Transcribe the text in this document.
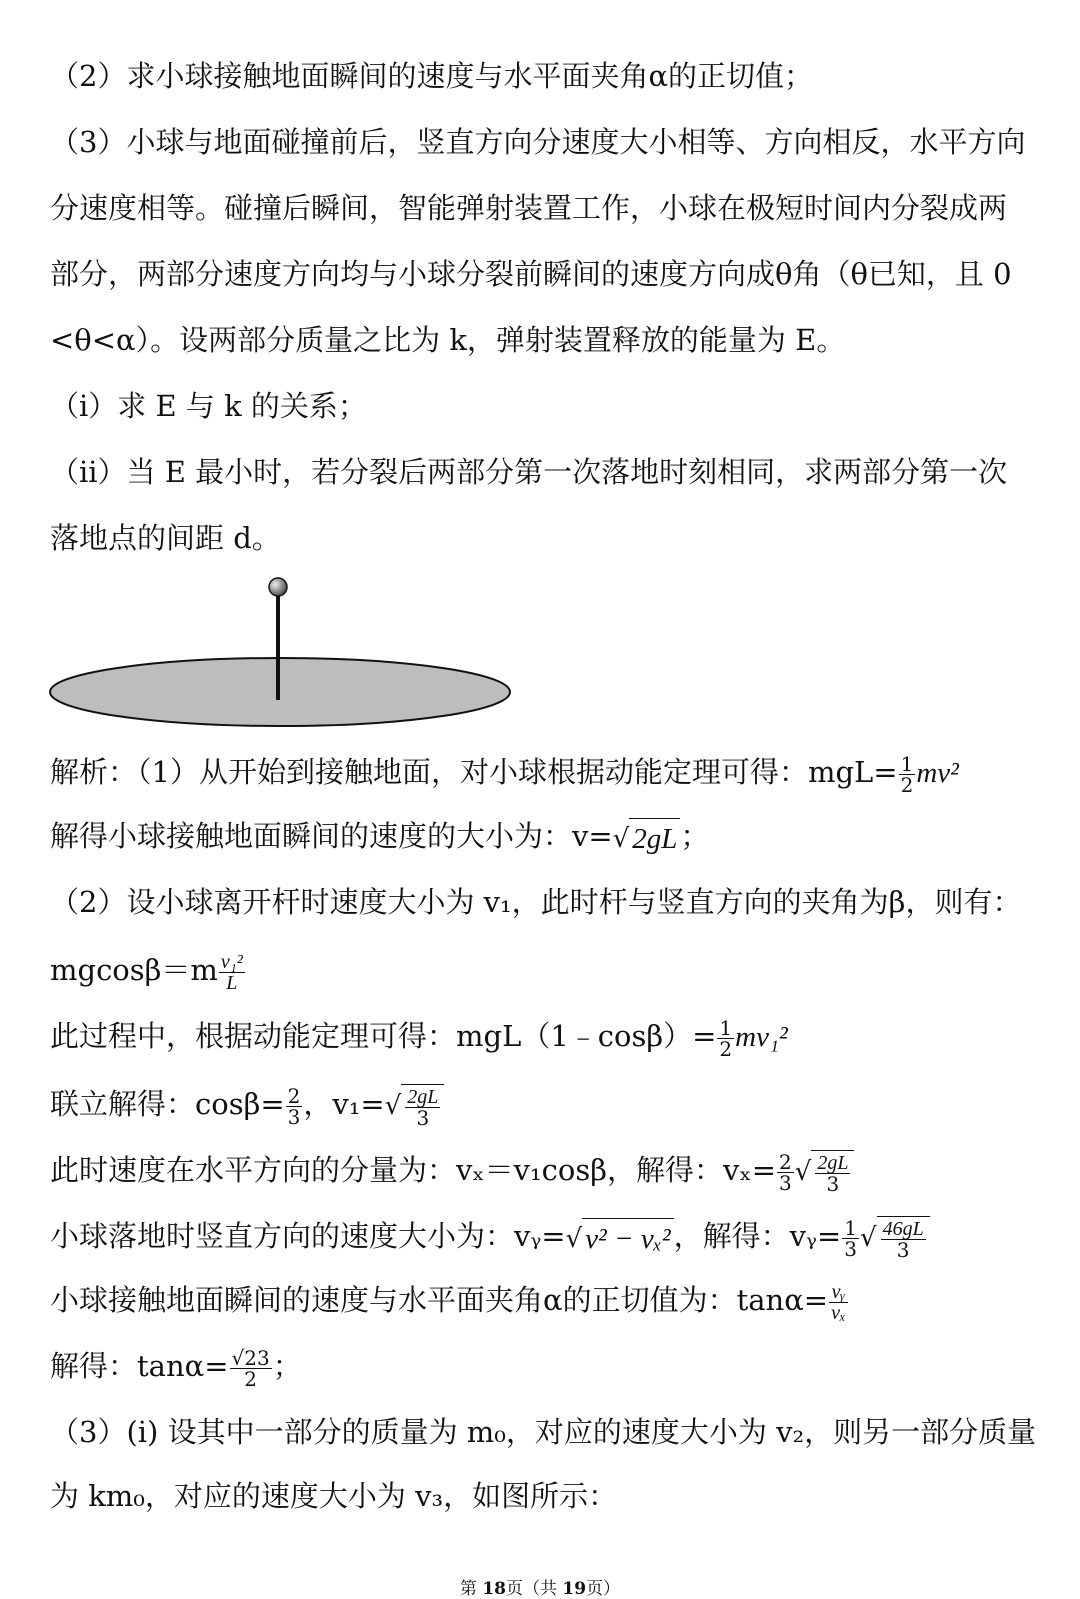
（2）求小球接触地面瞬间的速度与水平面夹角α的正切值；
（3）小球与地面碰撞前后，竖直方向分速度大小相等、方向相反，水平方向
分速度相等。碰撞后瞬间，智能弹射装置工作，小球在极短时间内分裂成两
部分，两部分速度方向均与小球分裂前瞬间的速度方向成θ角（θ已知，且 0
<θ<α）。设两部分质量之比为 k，弹射装置释放的能量为 E。
（ⅰ）求 E 与 k 的关系；
（ii）当 E 最小时，若分裂后两部分第一次落地时刻相同，求两部分第一次
落地点的间距 d。
解析：（1）从开始到接触地面，对小球根据动能定理可得：$mgL= \frac{1}{2} mv^2$
解得小球接触地面瞬间的速度的大小为：v=√ 2gL ；
（2）设小球离开杆时速度大小为 v₁，此时杆与竖直方向的夹角为β，则有：
$mgcos\beta=m \frac{\text{v₁²}}{L}$
此过程中，根据动能定理可得：mgL（1﹣cosβ）= $\frac{1}{2} mv_1^2$
联立解得：$\cos\beta= \frac{2}{3}$ ，$v_1=√ \frac{2gL}{3}$
此时速度在水平方向的分量为：vₓ＝v₁cosβ，解得：$v_x= \frac{2}{3}$ √ $\frac{2gL}{3}$
小球落地时竖直方向的速度大小为：vᵧ=√ v² − vₓ² ，解得：vᵧ= $\frac{1}{3}$ √ $\frac{46gL}{3}$
小球接触地面瞬间的速度与水平面夹角α的正切值为：$\tan\alpha= \frac{\text{vᵧ}}{\text{vₓ}}$
解得：$\tan\alpha= \frac{√23}{2}$ ；
（3）(ⅰ) 设其中一部分的质量为 m₀，对应的速度大小为 v₂，则另一部分质量
为 km₀，对应的速度大小为 v₃，如图所示：
第 18页（共 19页）
